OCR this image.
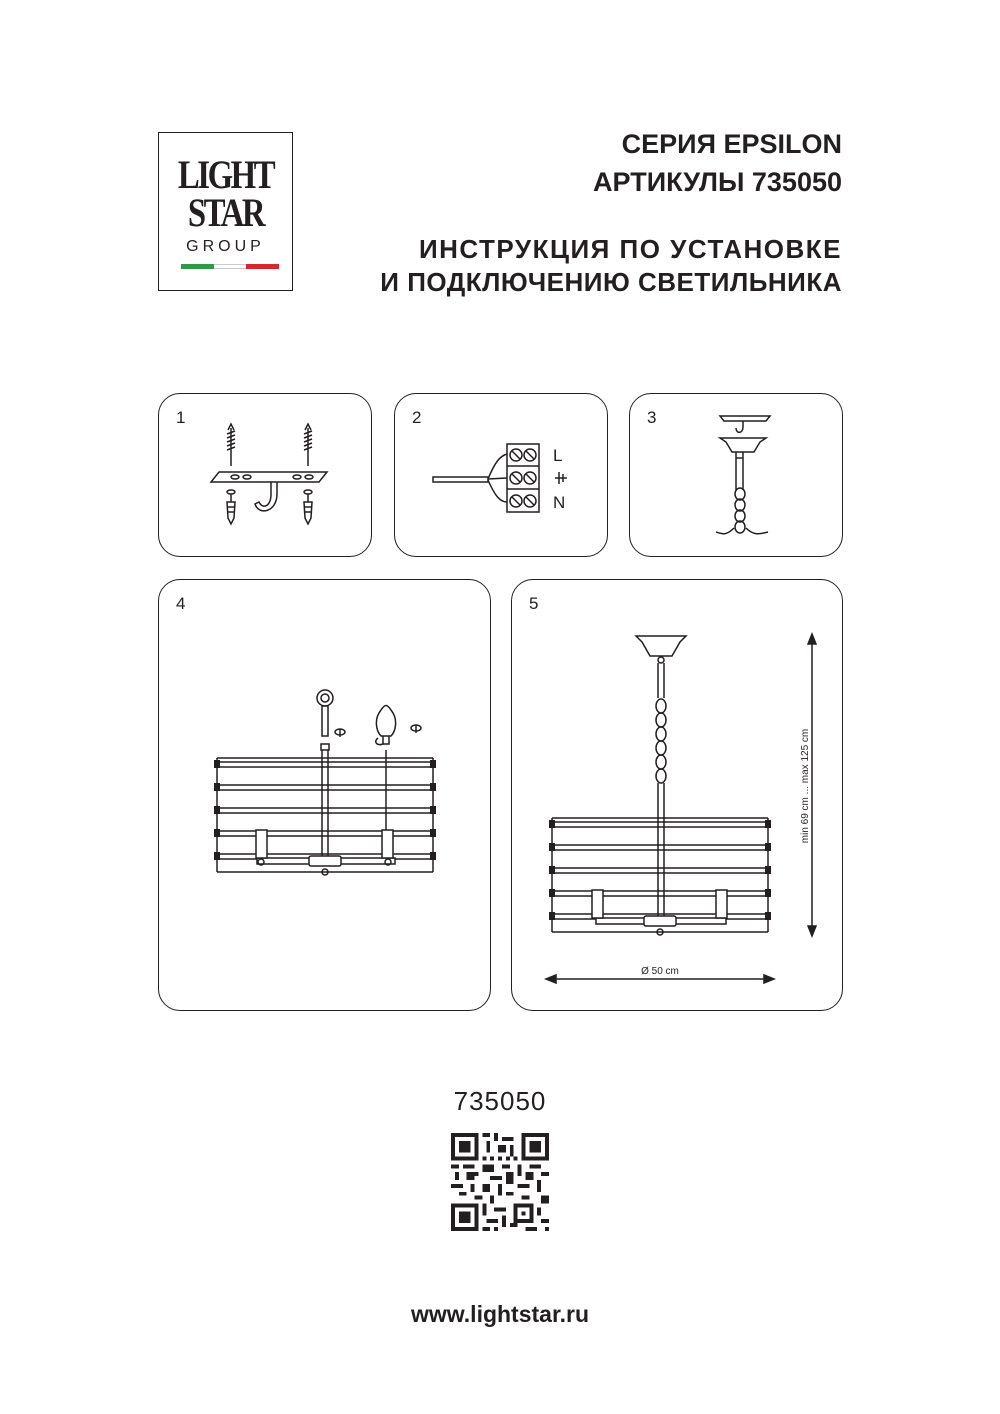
LIGHT
STAR
GROUP
СЕРИЯ EPSILON
АРТИКУЛЫ 735050
ИНСТРУКЦИЯ ПО УСТАНОВКЕ
И ПОДКЛЮЧЕНИЮ СВЕТИЛЬНИКА
1	2
L
N
3
4	5
min 69 cm ... max 125 cm
Ø 50 cm
735050
www.lightstar.ru
